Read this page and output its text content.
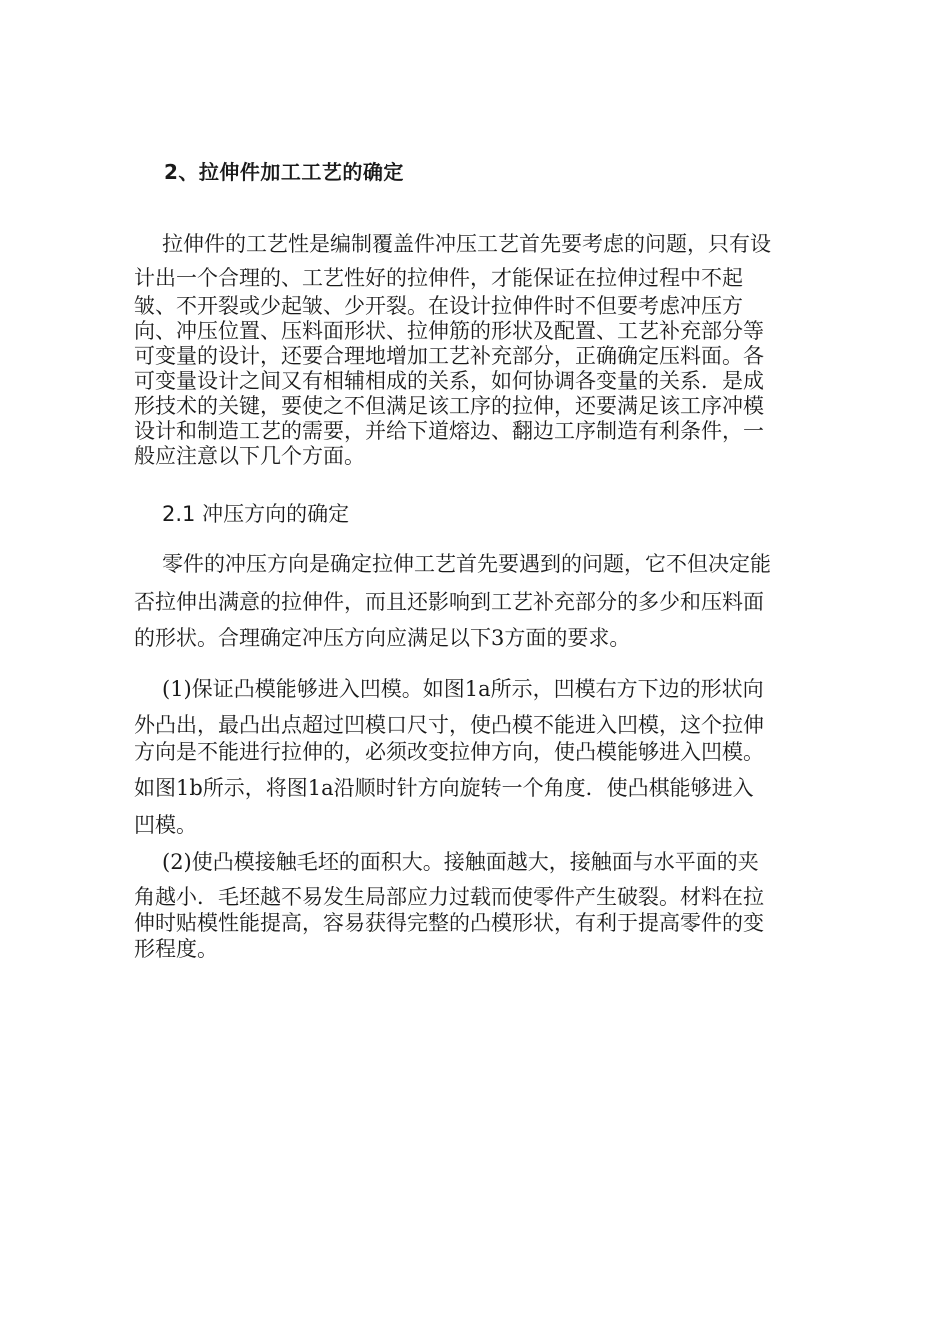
2、拉伸件加工工艺的确定
拉伸件的工艺性是编制覆盖件冲压工艺首先要考虑的问题，只有设
计出一个合理的、工艺性好的拉伸件，才能保证在拉伸过程中不起
皱、不开裂或少起皱、少开裂。在设计拉伸件时不但要考虑冲压方
向、冲压位置、压料面形状、拉伸筋的形状及配置、工艺补充部分等
可变量的设计，还要合理地增加工艺补充部分，正确确定压料面。各
可变量设计之间又有相辅相成的关系，如何协调各变量的关系．是成
形技术的关键，要使之不但满足该工序的拉伸，还要满足该工序冲模
设计和制造工艺的需要，并给下道熔边、翻边工序制造有利条件，一
般应注意以下几个方面。
2.1 冲压方向的确定
零件的冲压方向是确定拉伸工艺首先要遇到的问题，它不但决定能
否拉伸出满意的拉伸件，而且还影响到工艺补充部分的多少和压料面
的形状。合理确定冲压方向应满足以下3方面的要求。
(1)保证凸模能够进入凹模。如图1a所示，凹模右方下边的形状向
外凸出，最凸出点超过凹模口尺寸，使凸模不能进入凹模，这个拉伸
方向是不能进行拉伸的，必须改变拉伸方向，使凸模能够进入凹模。
如图1b所示，将图1a沿顺时针方向旋转一个角度．使凸棋能够进入
凹模。
(2)使凸模接触毛坯的面积大。接触面越大，接触面与水平面的夹
角越小．毛坯越不易发生局部应力过载而使零件产生破裂。材料在拉
伸时贴模性能提高，容易获得完整的凸模形状，有利于提高零件的变
形程度。
